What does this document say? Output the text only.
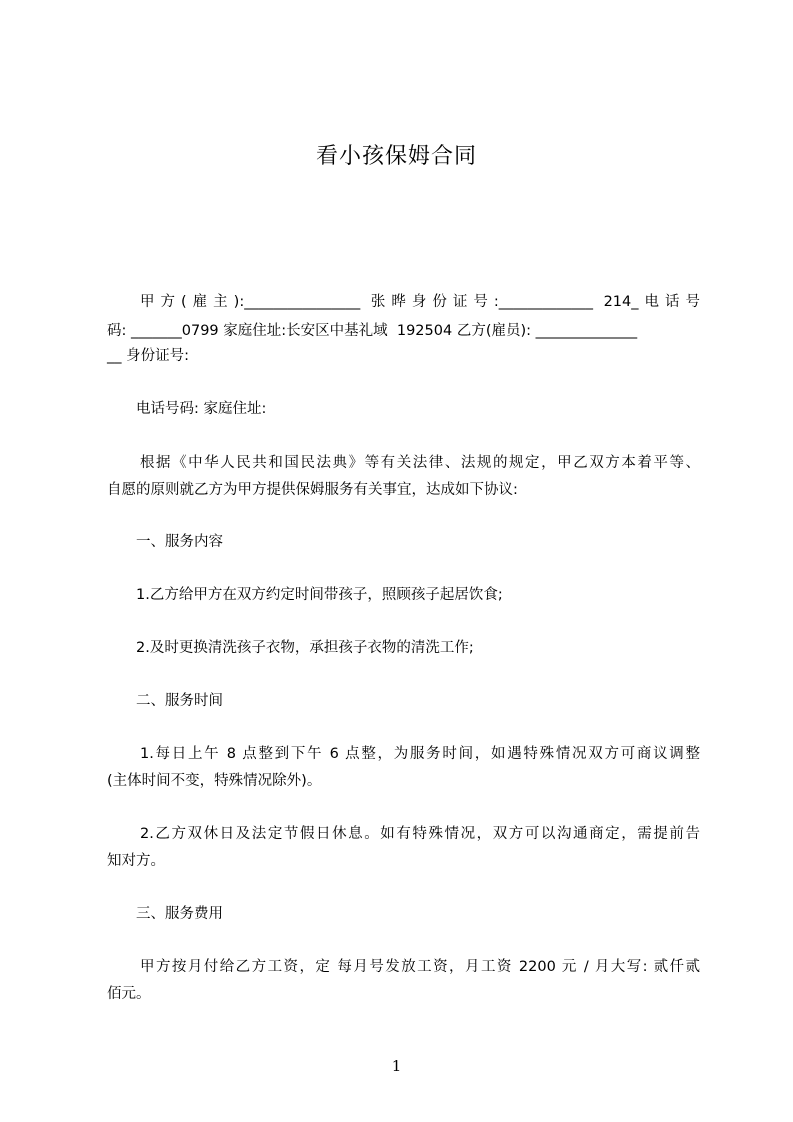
看小孩保姆合同
甲方(雇主):________________ 张晔身份证号:_____________ 214_电话号
码: _______0799 家庭住址:长安区中基礼域  192504 乙方(雇员): ______________
__ 身份证号:
电话号码: 家庭住址:
根据《中华人民共和国民法典》等有关法律、法规的规定，甲乙双方本着平等、
自愿的原则就乙方为甲方提供保姆服务有关事宜，达成如下协议:
一、服务内容
1.乙方给甲方在双方约定时间带孩子，照顾孩子起居饮食;
2.及时更换清洗孩子衣物，承担孩子衣物的清洗工作;
二、服务时间
1.每日上午 8 点整到下午 6 点整，为服务时间，如遇特殊情况双方可商议调整
(主体时间不变，特殊情况除外)。
2.乙方双休日及法定节假日休息。如有特殊情况，双方可以沟通商定，需提前告
知对方。
三、服务费用
甲方按月付给乙方工资，定 每月号发放工资，月工资 2200 元 / 月大写: 贰仟贰
佰元。
1
